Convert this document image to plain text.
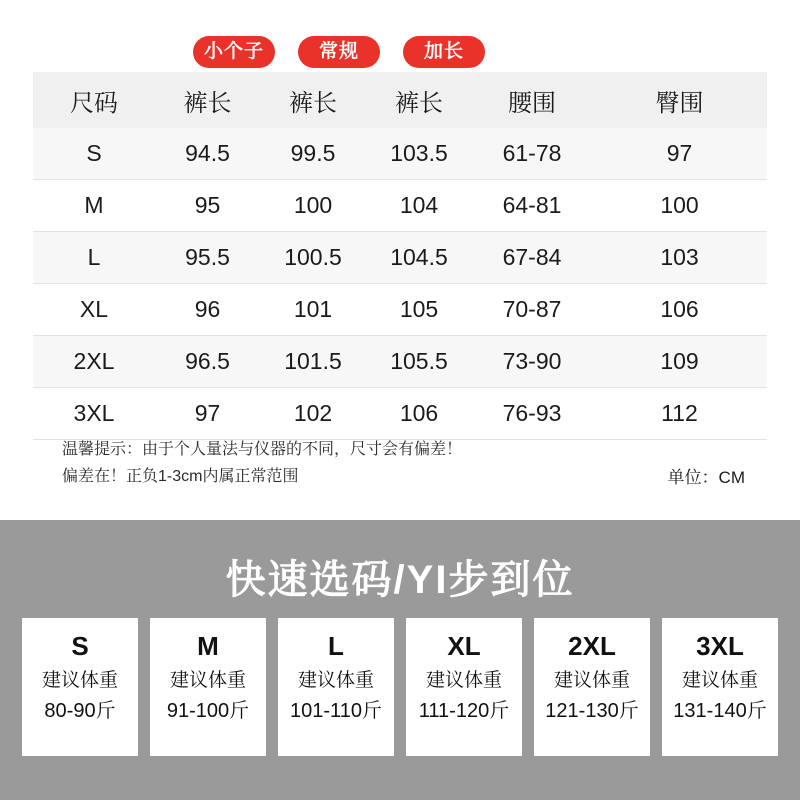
小个子	常规	加长
尺码	裤长	裤长	裤长	腰围	臀围
S	94.5	99.5	103.5	61-78	97
M	95	100	104	64-81	100
L	95.5	100.5	104.5	67-84	103
XL	96	101	105	70-87	106
2XL	96.5	101.5	105.5	73-90	109
3XL	97	102	106	76-93	112
温馨提示：由于个人量法与仪器的不同，尺寸会有偏差！
偏差在！正负1-3cm内属正常范围	单位：CM
快速选码/YI步到位
S
建议体重
80-90斤
M
建议体重
91-100斤
L
建议体重
101-110斤
XL
建议体重
111-120斤
2XL
建议体重
121-130斤
3XL
建议体重
131-140斤
